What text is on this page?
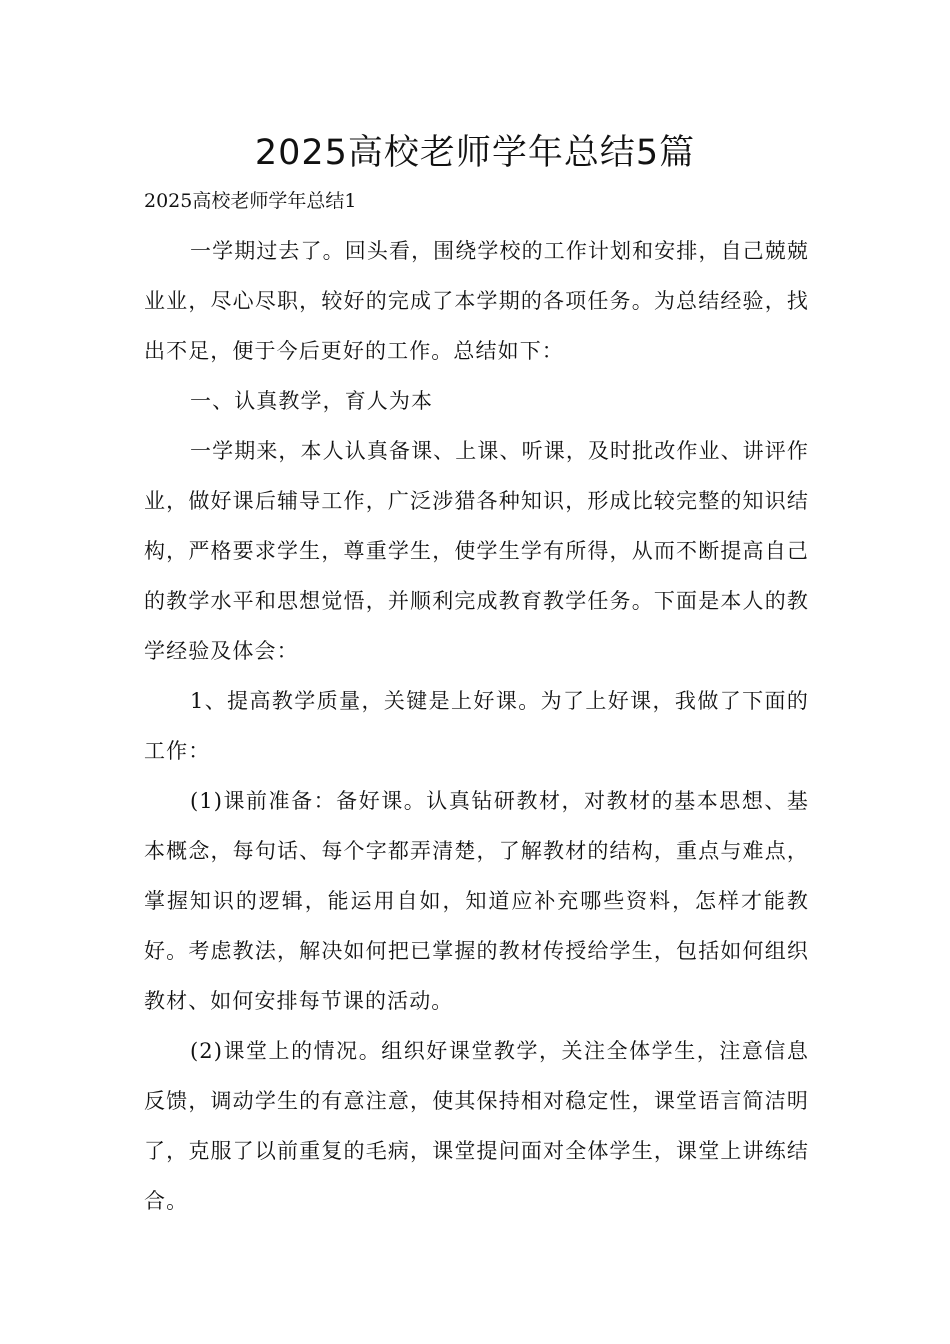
2025高校老师学年总结5篇
2025高校老师学年总结1

一学期过去了。回头看，围绕学校的工作计划和安排，自己兢兢业业，尽心尽职，较好的完成了本学期的各项任务。为总结经验，找出不足，便于今后更好的工作。总结如下：

一、认真教学，育人为本

一学期来，本人认真备课、上课、听课，及时批改作业、讲评作业，做好课后辅导工作，广泛涉猎各种知识，形成比较完整的知识结构，严格要求学生，尊重学生，使学生学有所得，从而不断提高自己的教学水平和思想觉悟，并顺利完成教育教学任务。下面是本人的教学经验及体会：

1、提高教学质量，关键是上好课。为了上好课，我做了下面的工作：

(1)课前准备：备好课。认真钻研教材，对教材的基本思想、基本概念，每句话、每个字都弄清楚，了解教材的结构，重点与难点，掌握知识的逻辑，能运用自如，知道应补充哪些资料，怎样才能教好。考虑教法，解决如何把已掌握的教材传授给学生，包括如何组织教材、如何安排每节课的活动。

(2)课堂上的情况。组织好课堂教学，关注全体学生，注意信息反馈，调动学生的有意注意，使其保持相对稳定性，课堂语言简洁明了，克服了以前重复的毛病，课堂提问面对全体学生，课堂上讲练结合。
